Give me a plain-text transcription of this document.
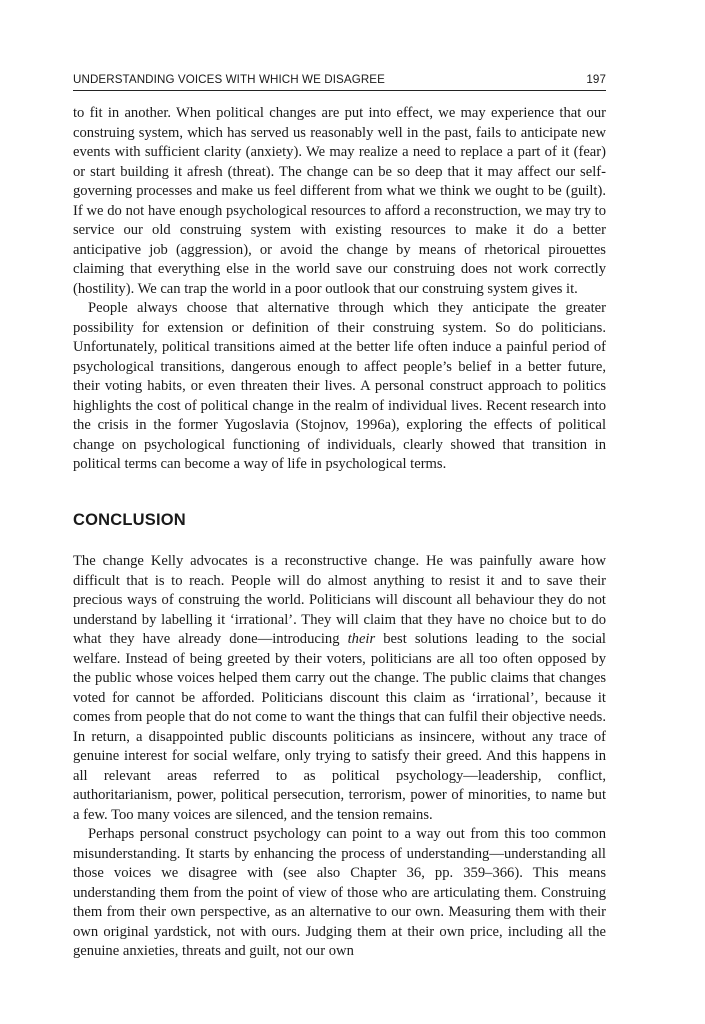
UNDERSTANDING VOICES WITH WHICH WE DISAGREE	197

to fit in another. When political changes are put into effect, we may experience that our construing system, which has served us reasonably well in the past, fails to anticipate new events with sufficient clarity (anxiety). We may realize a need to replace a part of it (fear) or start building it afresh (threat). The change can be so deep that it may affect our self-governing processes and make us feel different from what we think we ought to be (guilt). If we do not have enough psychological resources to afford a reconstruction, we may try to service our old construing system with existing resources to make it do a better anticipative job (aggression), or avoid the change by means of rhetorical pirouettes claiming that everything else in the world save our construing does not work correctly (hostility). We can trap the world in a poor outlook that our construing system gives it.

People always choose that alternative through which they anticipate the greater possibility for extension or definition of their construing system. So do politicians. Unfortunately, political transitions aimed at the better life often induce a painful period of psychological transitions, dangerous enough to affect people’s belief in a better future, their voting habits, or even threaten their lives. A personal construct approach to politics highlights the cost of political change in the realm of individual lives. Recent research into the crisis in the former Yugoslavia (Stojnov, 1996a), exploring the effects of political change on psychological functioning of individuals, clearly showed that transition in political terms can become a way of life in psychological terms.

CONCLUSION

The change Kelly advocates is a reconstructive change. He was painfully aware how difficult that is to reach. People will do almost anything to resist it and to save their precious ways of construing the world. Politicians will discount all behaviour they do not understand by labelling it ‘irrational’. They will claim that they have no choice but to do what they have already done—introducing their best solutions leading to the social welfare. Instead of being greeted by their voters, politicians are all too often opposed by the public whose voices helped them carry out the change. The public claims that changes voted for cannot be afforded. Politicians discount this claim as ‘irrational’, because it comes from people that do not come to want the things that can fulfil their objective needs. In return, a disappointed public discounts politicians as insincere, without any trace of genuine interest for social welfare, only trying to satisfy their greed. And this happens in all relevant areas referred to as political psychology—leadership, conflict, authoritarianism, power, political persecution, terrorism, power of minorities, to name but a few. Too many voices are silenced, and the tension remains.

Perhaps personal construct psychology can point to a way out from this too common misunderstanding. It starts by enhancing the process of understanding—understanding all those voices we disagree with (see also Chapter 36, pp. 359–366). This means understanding them from the point of view of those who are articulating them. Construing them from their own perspective, as an alternative to our own. Measuring them with their own original yardstick, not with ours. Judging them at their own price, including all the genuine anxieties, threats and guilt, not our own
